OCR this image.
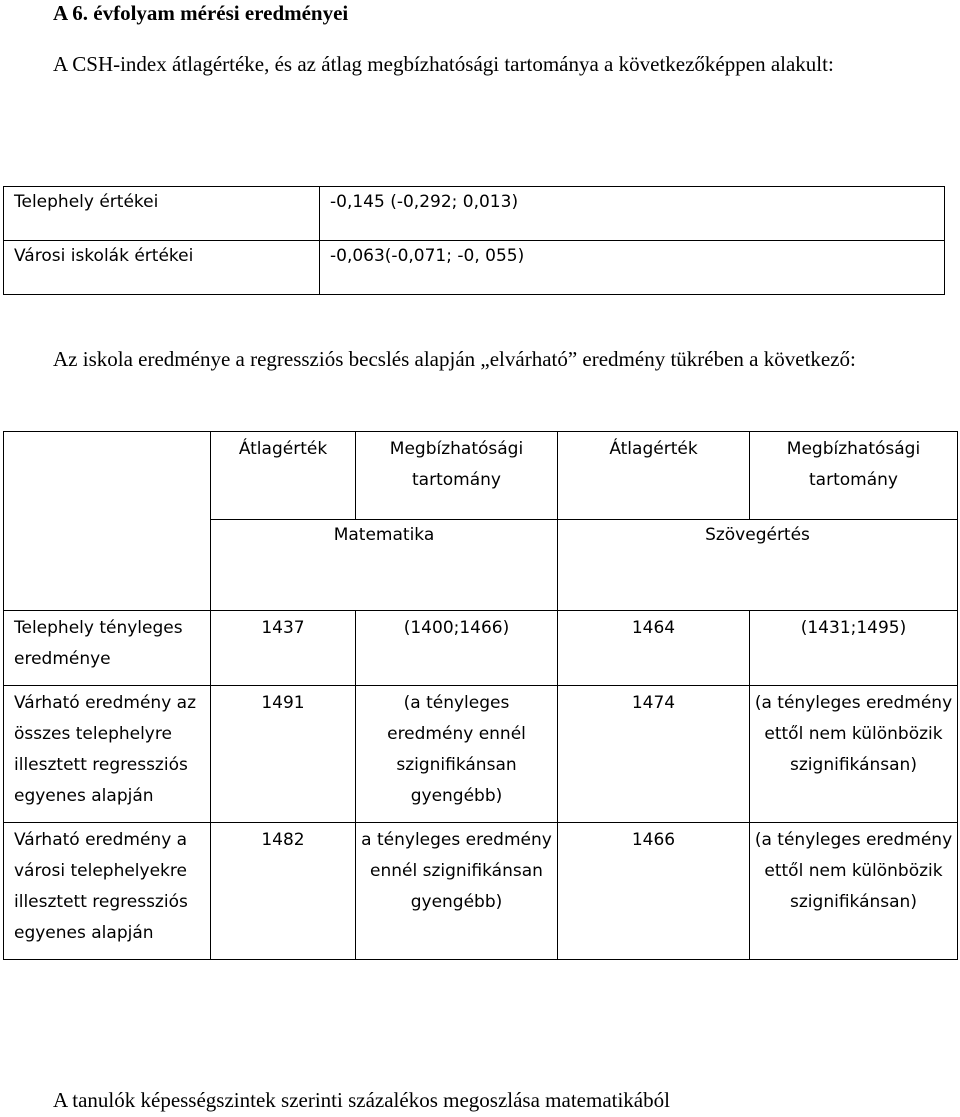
A 6. évfolyam mérési eredményei
A CSH-index átlagértéke, és az átlag megbízhatósági tartománya a következőképpen alakult:
Telephely értékei	-0,145 (-0,292; 0,013)
Városi iskolák értékei	-0,063(-0,071; -0, 055)
Az iskola eredménye a regressziós becslés alapján „elvárható” eredmény tükrében a következő:
	Átlagérték	Megbízhatósági tartomány	Átlagérték	Megbízhatósági tartomány
	Matematika		Szövegértés	
Telephely tényleges eredménye	1437	(1400;1466)	1464	(1431;1495)
Várható eredmény az összes telephelyre illesztett regressziós egyenes alapján	1491	(a tényleges eredmény ennél szignifikánsan gyengébb)	1474	(a tényleges eredmény ettől nem különbözik szignifikánsan)
Várható eredmény a városi telephelyekre illesztett regressziós egyenes alapján	1482	a tényleges eredmény ennél szignifikánsan gyengébb)	1466	(a tényleges eredmény ettől nem különbözik szignifikánsan)
A tanulók képességszintek szerinti százalékos megoszlása matematikából
